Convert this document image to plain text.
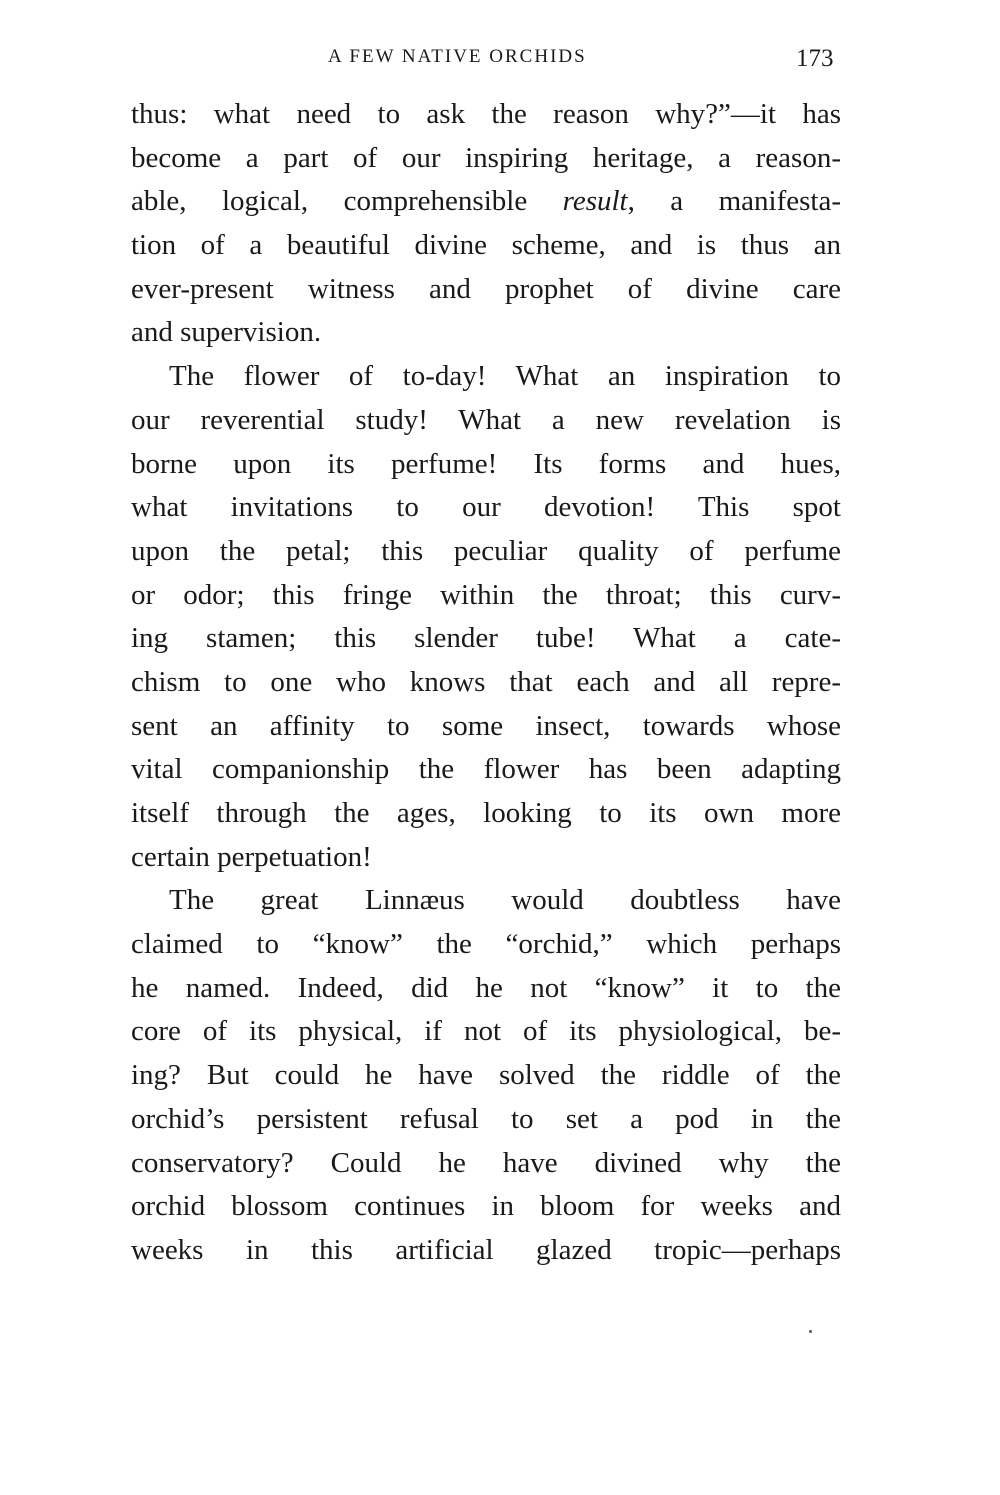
A FEW NATIVE ORCHIDS	173
thus: what need to ask the reason why?”—it has
become a part of our inspiring heritage, a reason-
able, logical, comprehensible result, a manifesta-
tion of a beautiful divine scheme, and is thus an
ever-present witness and prophet of divine care
and supervision.
The flower of to-day! What an inspiration to
our reverential study! What a new revelation is
borne upon its perfume! Its forms and hues,
what invitations to our devotion! This spot
upon the petal; this peculiar quality of perfume
or odor; this fringe within the throat; this curv-
ing stamen; this slender tube! What a cate-
chism to one who knows that each and all repre-
sent an affinity to some insect, towards whose
vital companionship the flower has been adapting
itself through the ages, looking to its own more
certain perpetuation!
The great Linnæus would doubtless have
claimed to “know” the “orchid,” which perhaps
he named. Indeed, did he not “know” it to the
core of its physical, if not of its physiological, be-
ing? But could he have solved the riddle of the
orchid’s persistent refusal to set a pod in the
conservatory? Could he have divined why the
orchid blossom continues in bloom for weeks and
weeks in this artificial glazed tropic—perhaps
